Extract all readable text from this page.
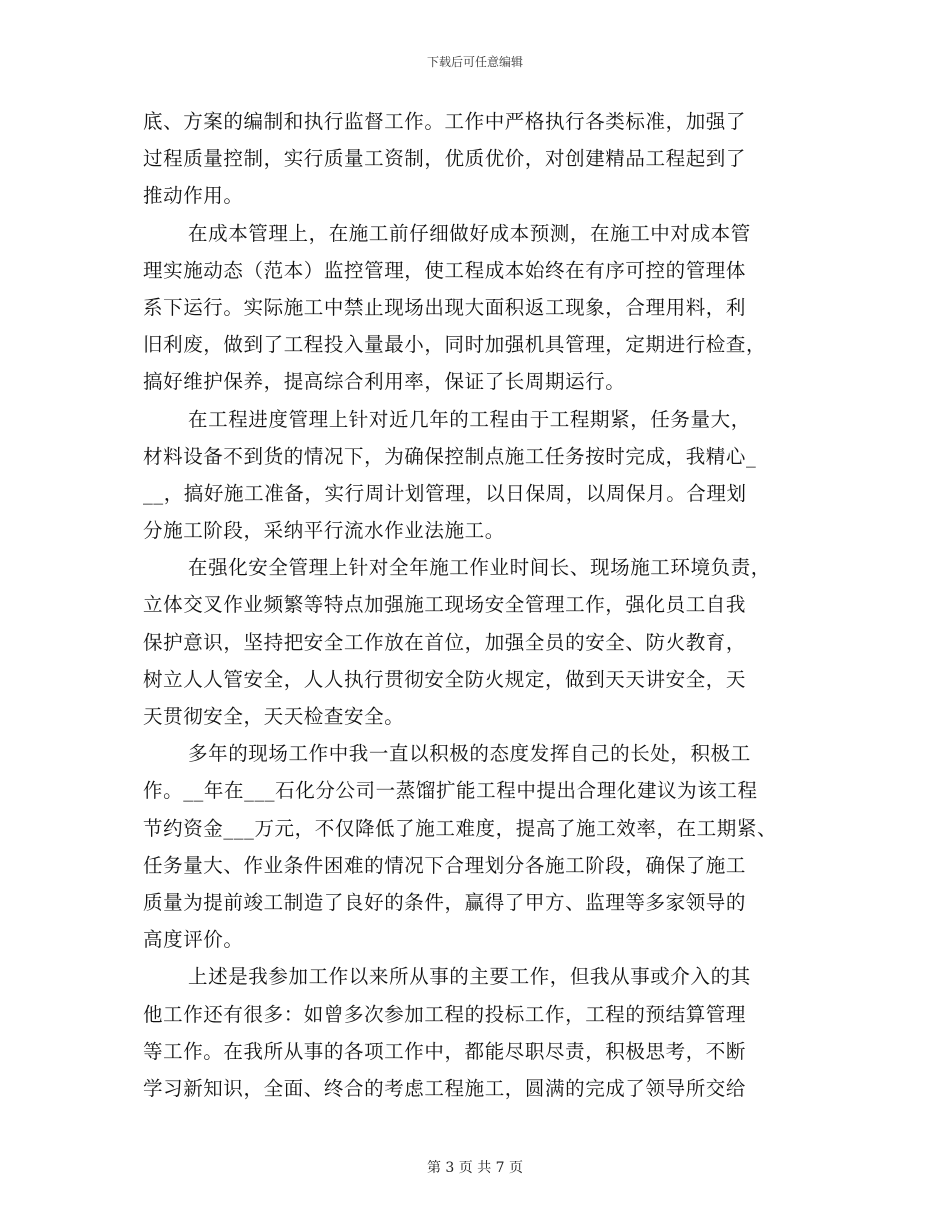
下载后可任意编辑
底、方案的编制和执行监督工作。工作中严格执行各类标准，加强了
过程质量控制，实行质量工资制，优质优价，对创建精品工程起到了
推动作用。
在成本管理上，在施工前仔细做好成本预测，在施工中对成本管
理实施动态（范本）监控管理，使工程成本始终在有序可控的管理体
系下运行。实际施工中禁止现场出现大面积返工现象，合理用料，利
旧利废，做到了工程投入量最小，同时加强机具管理，定期进行检查，
搞好维护保养，提高综合利用率，保证了长周期运行。
在工程进度管理上针对近几年的工程由于工程期紧，任务量大，
材料设备不到货的情况下，为确保控制点施工任务按时完成，我精心_
__，搞好施工准备，实行周计划管理，以日保周，以周保月。合理划
分施工阶段，采纳平行流水作业法施工。
在强化安全管理上针对全年施工作业时间长、现场施工环境负责，
立体交叉作业频繁等特点加强施工现场安全管理工作，强化员工自我
保护意识，坚持把安全工作放在首位，加强全员的安全、防火教育，
树立人人管安全，人人执行贯彻安全防火规定，做到天天讲安全，天
天贯彻安全，天天检查安全。
多年的现场工作中我一直以积极的态度发挥自己的长处，积极工
作。__年在___石化分公司一蒸馏扩能工程中提出合理化建议为该工程
节约资金___万元，不仅降低了施工难度，提高了施工效率，在工期紧、
任务量大、作业条件困难的情况下合理划分各施工阶段，确保了施工
质量为提前竣工制造了良好的条件，赢得了甲方、监理等多家领导的
高度评价。
上述是我参加工作以来所从事的主要工作，但我从事或介入的其
他工作还有很多：如曾多次参加工程的投标工作，工程的预结算管理
等工作。在我所从事的各项工作中，都能尽职尽责，积极思考，不断
学习新知识，全面、终合的考虑工程施工，圆满的完成了领导所交给
第 3 页 共 7 页
